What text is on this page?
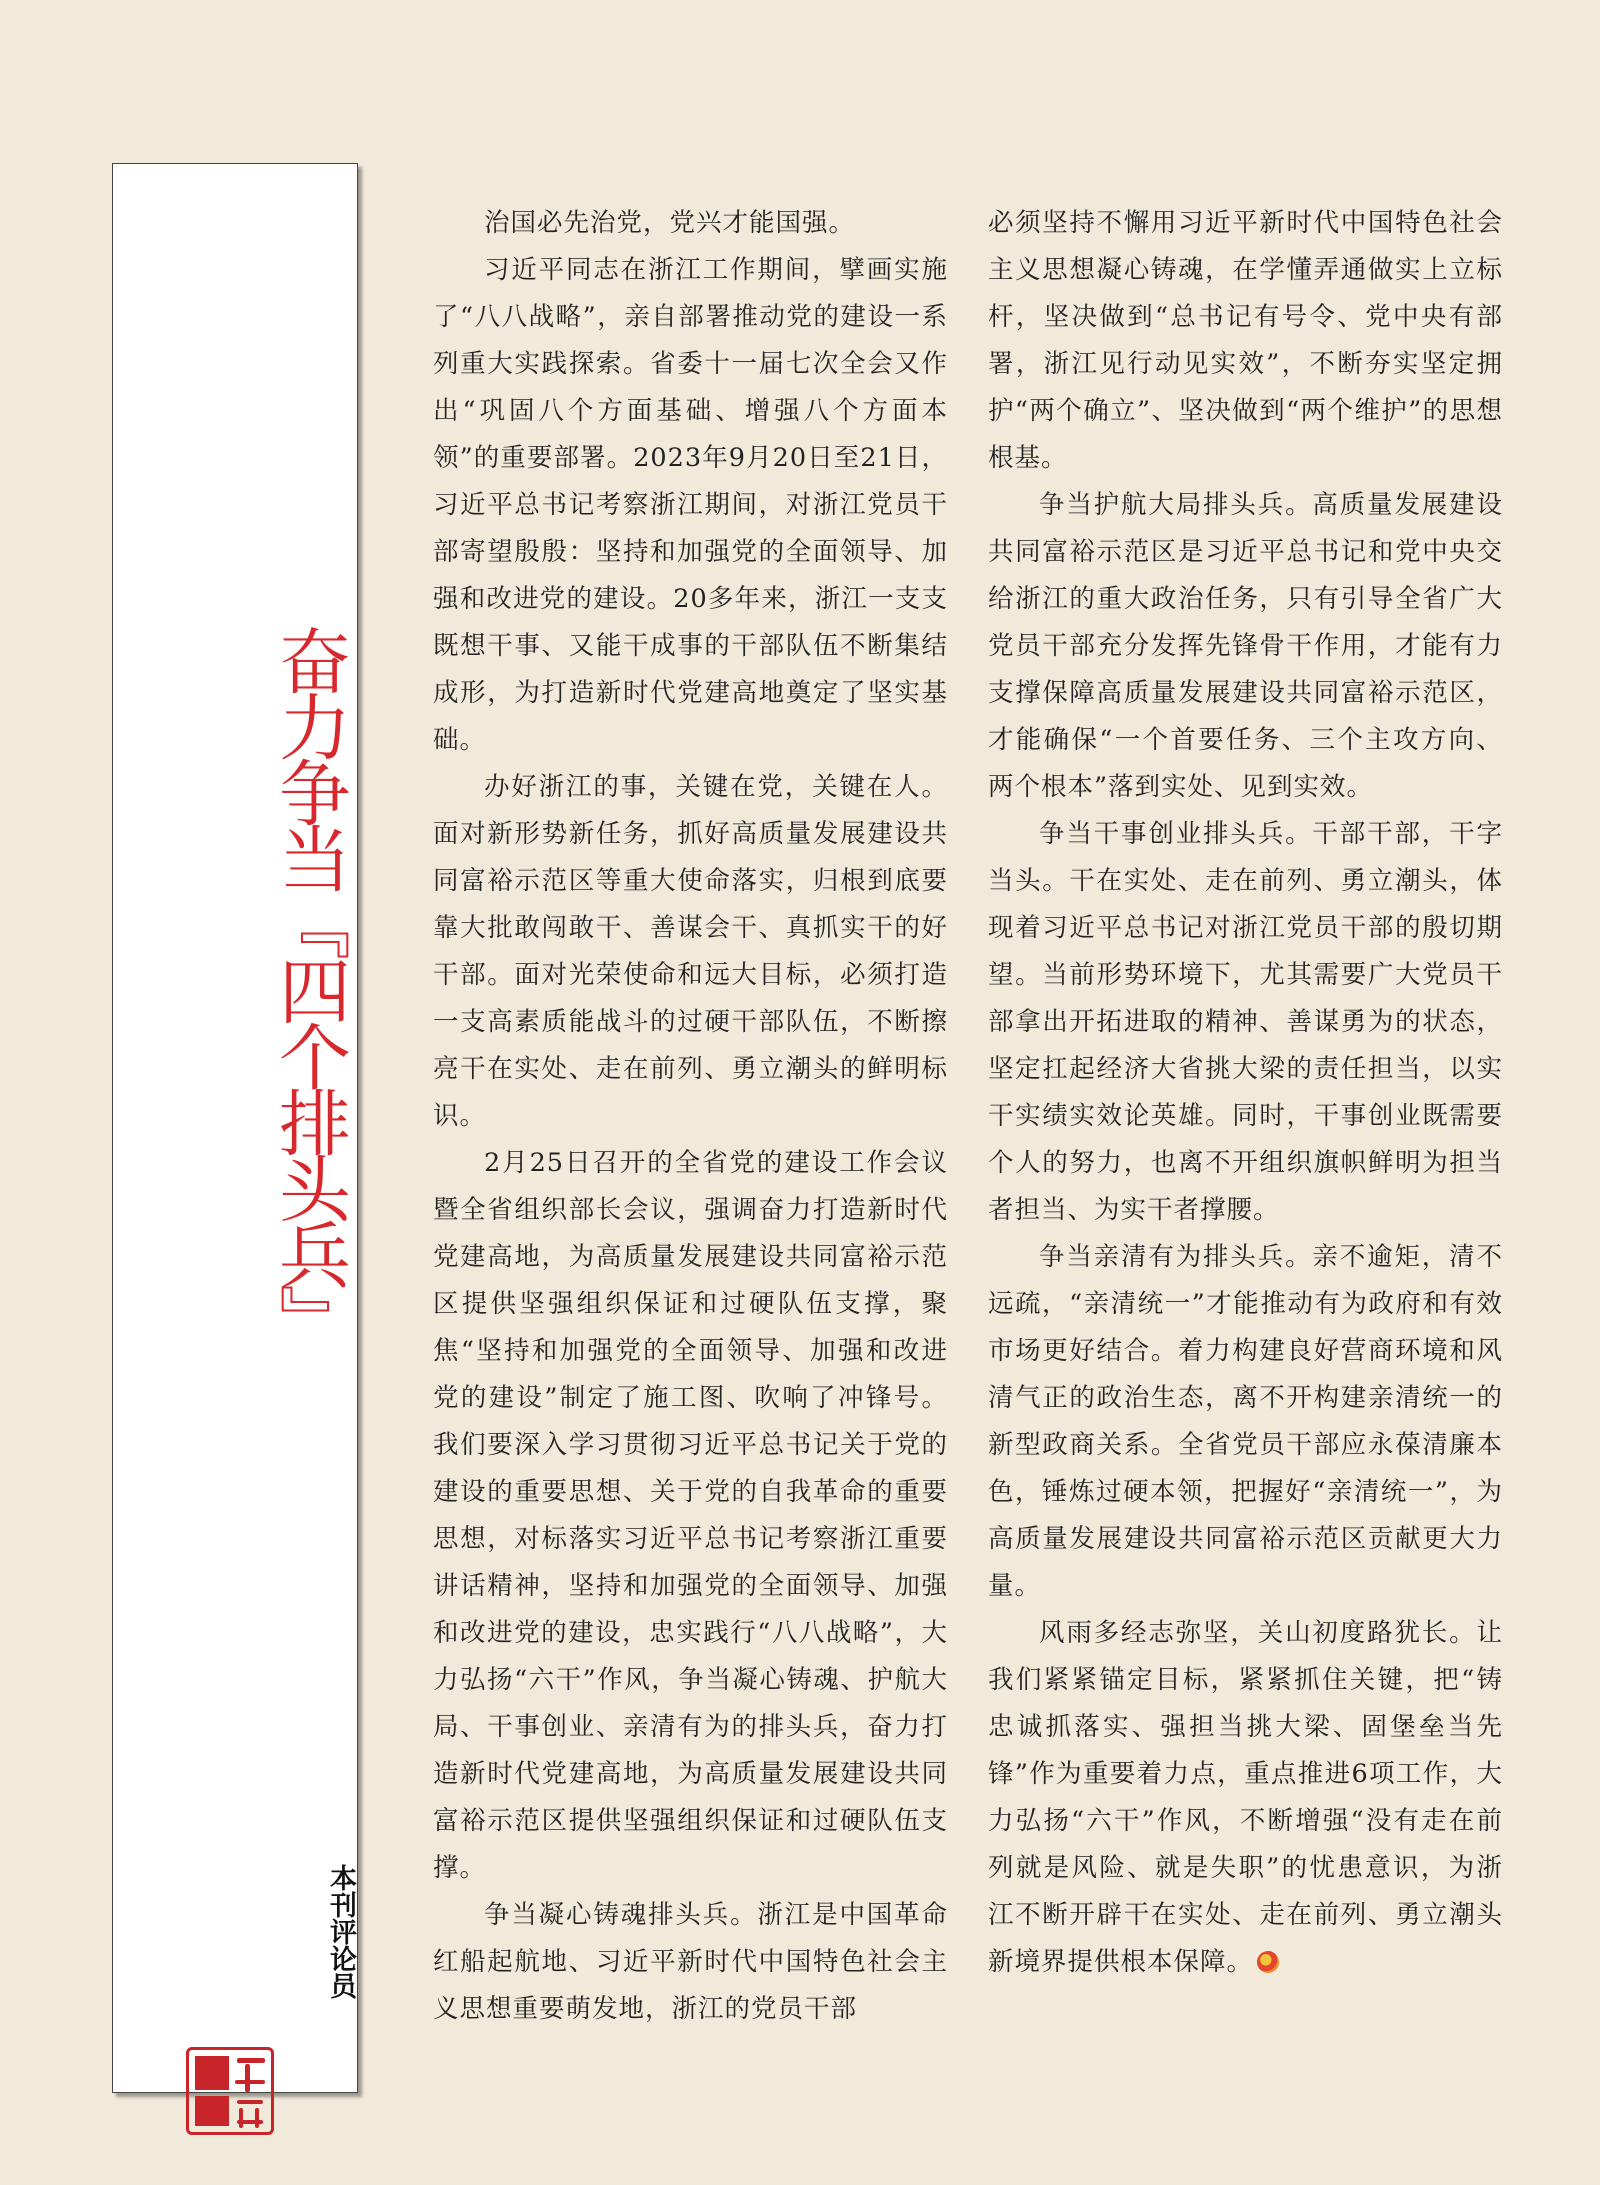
奋力争当『四个排头兵』
本刊评论员

治国必先治党，党兴才能国强。

习近平同志在浙江工作期间，擘画实施了“八八战略”，亲自部署推动党的建设一系列重大实践探索。省委十一届七次全会又作出“巩固八个方面基础、增强八个方面本领”的重要部署。2023年9月20日至21日，习近平总书记考察浙江期间，对浙江党员干部寄望殷殷：坚持和加强党的全面领导、加强和改进党的建设。20多年来，浙江一支支既想干事、又能干成事的干部队伍不断集结成形，为打造新时代党建高地奠定了坚实基础。

办好浙江的事，关键在党，关键在人。面对新形势新任务，抓好高质量发展建设共同富裕示范区等重大使命落实，归根到底要靠大批敢闯敢干、善谋会干、真抓实干的好干部。面对光荣使命和远大目标，必须打造一支高素质能战斗的过硬干部队伍，不断擦亮干在实处、走在前列、勇立潮头的鲜明标识。

2月25日召开的全省党的建设工作会议暨全省组织部长会议，强调奋力打造新时代党建高地，为高质量发展建设共同富裕示范区提供坚强组织保证和过硬队伍支撑，聚焦“坚持和加强党的全面领导、加强和改进党的建设”制定了施工图、吹响了冲锋号。我们要深入学习贯彻习近平总书记关于党的建设的重要思想、关于党的自我革命的重要思想，对标落实习近平总书记考察浙江重要讲话精神，坚持和加强党的全面领导、加强和改进党的建设，忠实践行“八八战略”，大力弘扬“六干”作风，争当凝心铸魂、护航大局、干事创业、亲清有为的排头兵，奋力打造新时代党建高地，为高质量发展建设共同富裕示范区提供坚强组织保证和过硬队伍支撑。

争当凝心铸魂排头兵。浙江是中国革命红船起航地、习近平新时代中国特色社会主义思想重要萌发地，浙江的党员干部

必须坚持不懈用习近平新时代中国特色社会主义思想凝心铸魂，在学懂弄通做实上立标杆，坚决做到“总书记有号令、党中央有部署，浙江见行动见实效”，不断夯实坚定拥护“两个确立”、坚决做到“两个维护”的思想根基。

争当护航大局排头兵。高质量发展建设共同富裕示范区是习近平总书记和党中央交给浙江的重大政治任务，只有引导全省广大党员干部充分发挥先锋骨干作用，才能有力支撑保障高质量发展建设共同富裕示范区，才能确保“一个首要任务、三个主攻方向、两个根本”落到实处、见到实效。

争当干事创业排头兵。干部干部，干字当头。干在实处、走在前列、勇立潮头，体现着习近平总书记对浙江党员干部的殷切期望。当前形势环境下，尤其需要广大党员干部拿出开拓进取的精神、善谋勇为的状态，坚定扛起经济大省挑大梁的责任担当，以实干实绩实效论英雄。同时，干事创业既需要个人的努力，也离不开组织旗帜鲜明为担当者担当、为实干者撑腰。

争当亲清有为排头兵。亲不逾矩，清不远疏，“亲清统一”才能推动有为政府和有效市场更好结合。着力构建良好营商环境和风清气正的政治生态，离不开构建亲清统一的新型政商关系。全省党员干部应永葆清廉本色，锤炼过硬本领，把握好“亲清统一”，为高质量发展建设共同富裕示范区贡献更大力量。

风雨多经志弥坚，关山初度路犹长。让我们紧紧锚定目标，紧紧抓住关键，把“铸忠诚抓落实、强担当挑大梁、固堡垒当先锋”作为重要着力点，重点推进6项工作，大力弘扬“六干”作风，不断增强“没有走在前列就是风险、就是失职”的忧患意识，为浙江不断开辟干在实处、走在前列、勇立潮头新境界提供根本保障。
